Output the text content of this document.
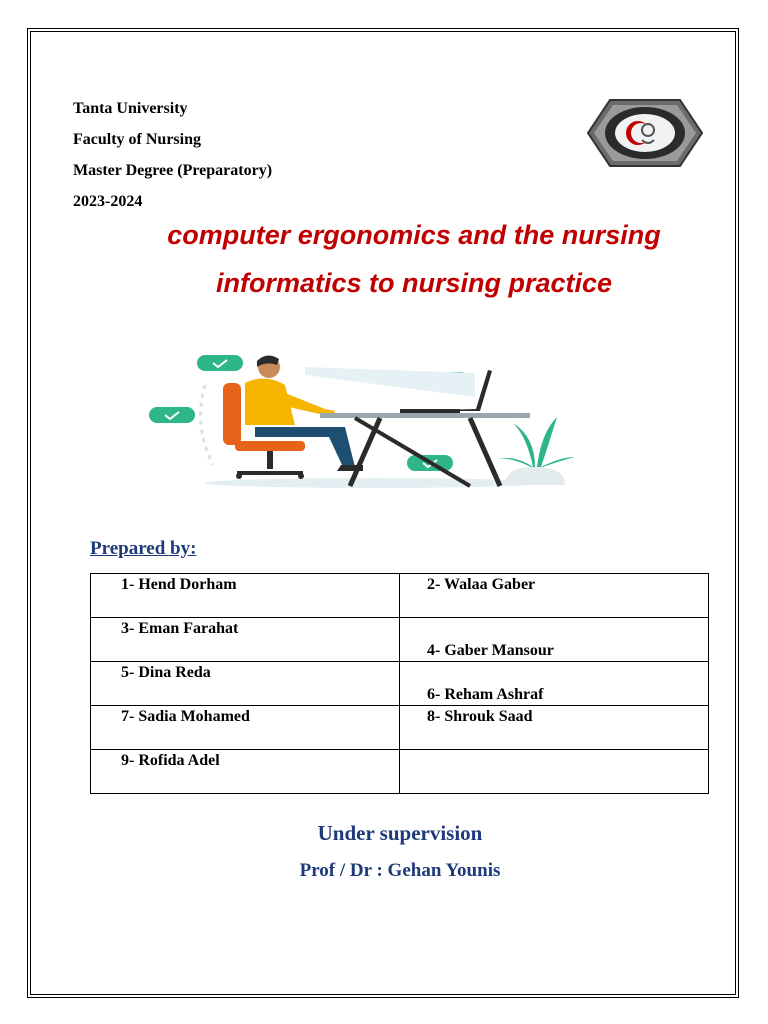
Tanta University
Faculty of Nursing
Master Degree (Preparatory)
2023-2024
computer ergonomics and the nursing
informatics to nursing practice
Prepared by:
1- Hend Dorham	2- Walaa Gaber

3- Eman Farahat	4- Gaber Mansour

5- Dina Reda	6- Reham Ashraf

7- Sadia Mohamed	8- Shrouk Saad

9- Rofida Adel	

Under supervision
Prof / Dr : Gehan Younis
